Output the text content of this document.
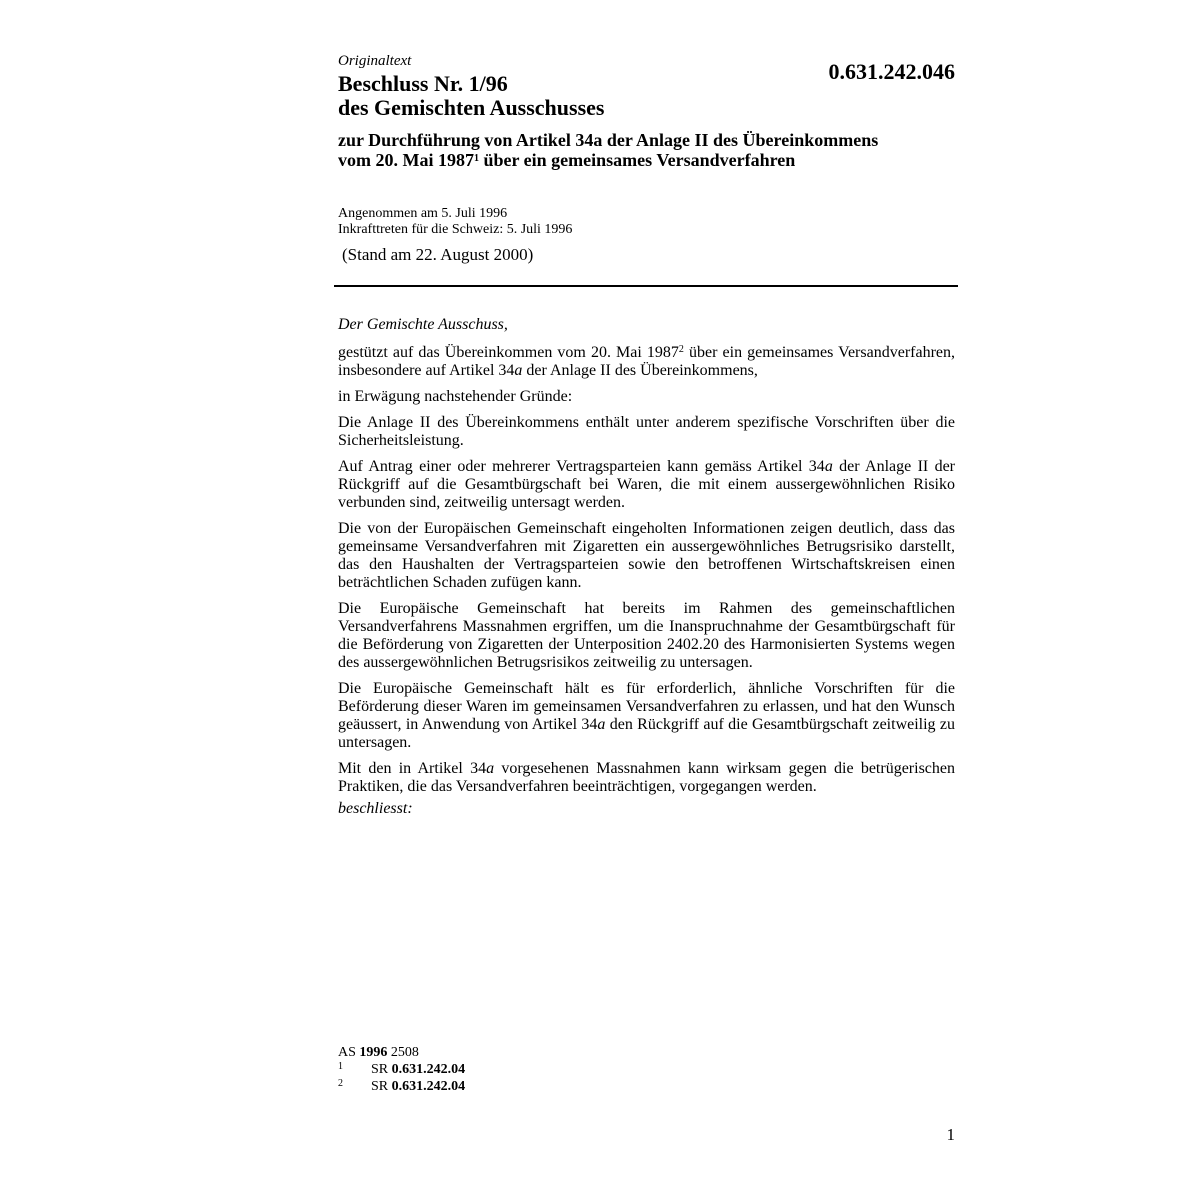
Originaltext	0.631.242.046
Beschluss Nr. 1/96
des Gemischten Ausschusses
zur Durchführung von Artikel 34a der Anlage II des Übereinkommens
vom 20. Mai 1987$^1$ über ein gemeinsames Versandverfahren
Angenommen am 5. Juli 1996
Inkrafttreten für die Schweiz: 5. Juli 1996
(Stand am 22. August 2000)

Der Gemischte Ausschuss,

gestützt auf das Übereinkommen vom 20. Mai 1987$^2$ über ein gemeinsames Versandverfahren, insbesondere auf Artikel 34a der Anlage II des Übereinkommens,

in Erwägung nachstehender Gründe:

Die Anlage II des Übereinkommens enthält unter anderem spezifische Vorschriften über die Sicherheitsleistung.

Auf Antrag einer oder mehrerer Vertragsparteien kann gemäss Artikel 34a der Anlage II der Rückgriff auf die Gesamtbürgschaft bei Waren, die mit einem aussergewöhnlichen Risiko verbunden sind, zeitweilig untersagt werden.

Die von der Europäischen Gemeinschaft eingeholten Informationen zeigen deutlich, dass das gemeinsame Versandverfahren mit Zigaretten ein aussergewöhnliches Betrugsrisiko darstellt, das den Haushalten der Vertragsparteien sowie den betroffenen Wirtschaftskreisen einen beträchtlichen Schaden zufügen kann.

Die Europäische Gemeinschaft hat bereits im Rahmen des gemeinschaftlichen Versandverfahrens Massnahmen ergriffen, um die Inanspruchnahme der Gesamtbürgschaft für die Beförderung von Zigaretten der Unterposition 2402.20 des Harmonisierten Systems wegen des aussergewöhnlichen Betrugsrisikos zeitweilig zu untersagen.

Die Europäische Gemeinschaft hält es für erforderlich, ähnliche Vorschriften für die Beförderung dieser Waren im gemeinsamen Versandverfahren zu erlassen, und hat den Wunsch geäussert, in Anwendung von Artikel 34a den Rückgriff auf die Gesamtbürgschaft zeitweilig zu untersagen.

Mit den in Artikel 34a vorgesehenen Massnahmen kann wirksam gegen die betrügerischen Praktiken, die das Versandverfahren beeinträchtigen, vorgegangen werden.

beschliesst:

AS 1996 2508
1	SR 0.631.242.04
2	SR 0.631.242.04
1
